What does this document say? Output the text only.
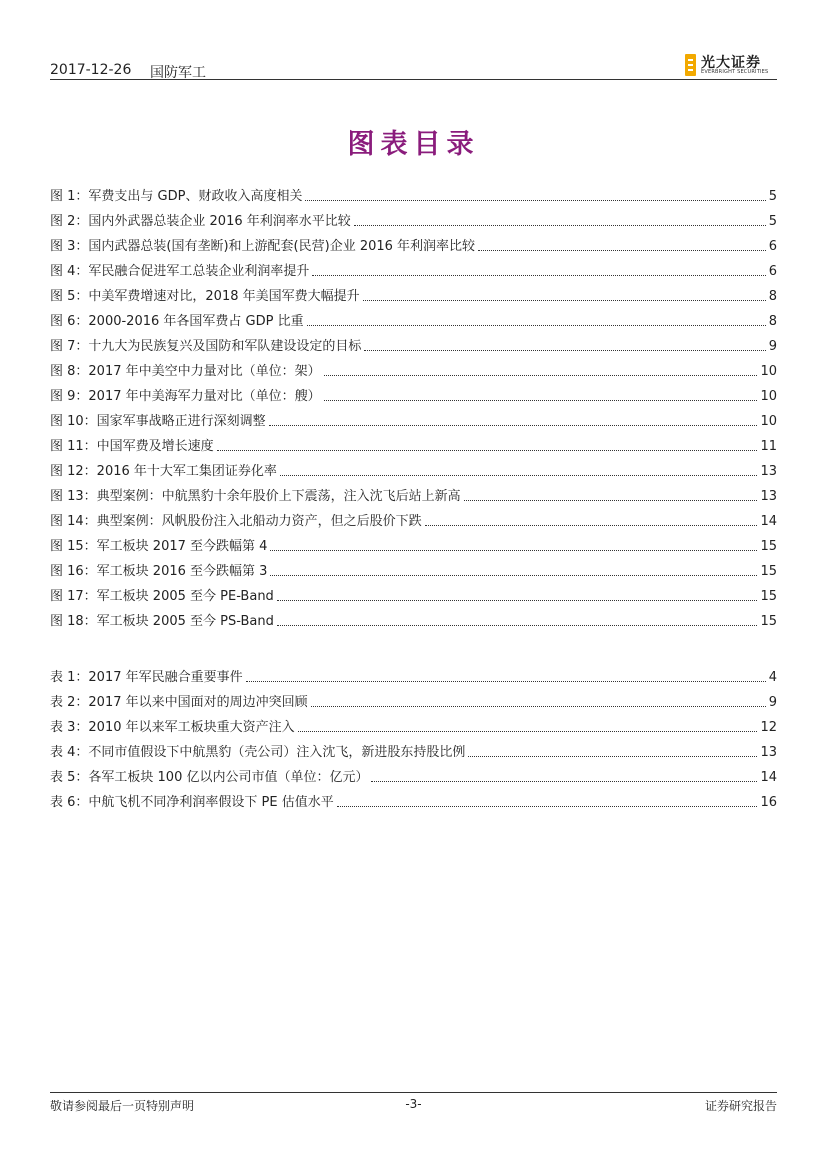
2017-12-26 国防军工
光大证券
EVERBRIGHT SECURITIES
图表目录
图 1：军费支出与 GDP、财政收入高度相关	5
图 2：国内外武器总装企业 2016 年利润率水平比较	5
图 3：国内武器总装(国有垄断)和上游配套(民营)企业 2016 年利润率比较	6
图 4：军民融合促进军工总装企业利润率提升	6
图 5：中美军费增速对比，2018 年美国军费大幅提升	8
图 6：2000-2016 年各国军费占 GDP 比重	8
图 7：十九大为民族复兴及国防和军队建设设定的目标	9
图 8：2017 年中美空中力量对比（单位：架）	10
图 9：2017 年中美海军力量对比（单位：艘）	10
图 10：国家军事战略正进行深刻调整	10
图 11：中国军费及增长速度	11
图 12：2016 年十大军工集团证券化率	13
图 13：典型案例：中航黑豹十余年股价上下震荡，注入沈飞后站上新高	13
图 14：典型案例：风帆股份注入北船动力资产，但之后股价下跌	14
图 15：军工板块 2017 至今跌幅第 4	15
图 16：军工板块 2016 至今跌幅第 3	15
图 17：军工板块 2005 至今 PE-Band	15
图 18：军工板块 2005 至今 PS-Band	15
表 1：2017 年军民融合重要事件	4
表 2：2017 年以来中国面对的周边冲突回顾	9
表 3：2010 年以来军工板块重大资产注入	12
表 4：不同市值假设下中航黑豹（壳公司）注入沈飞，新进股东持股比例	13
表 5：各军工板块 100 亿以内公司市值（单位：亿元）	14
表 6：中航飞机不同净利润率假设下 PE 估值水平	16
敬请参阅最后一页特别声明	-3-	证券研究报告
